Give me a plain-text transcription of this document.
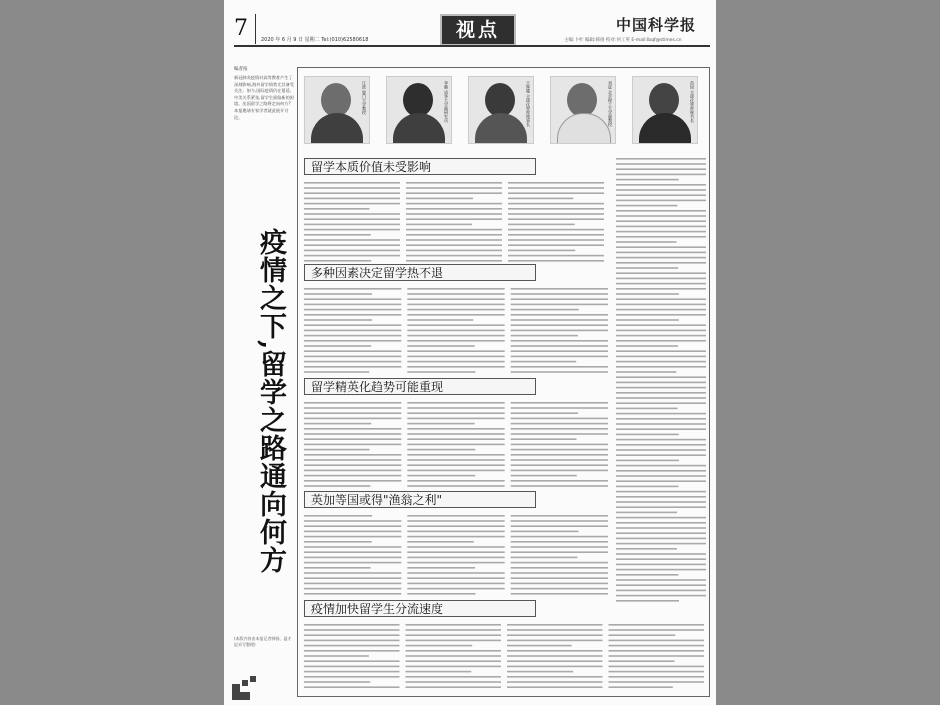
7	2020 年 6 月 9 日 星期二 Tel:(010)62580618	视点	中国科学报
主编:卜叶 编辑:韩扬 校对:何工英 E-mail:lbqf@stimes.cn
编者按
新冠肺炎疫情对高等教育产生了深刻影响,海外留学情势尤其备受关注。如今,国际疫情仍在蔓延,中美关系紧张,留学生面临新的困境。出国留学之路将走向何方?本报邀请专家学者就此展开讨论。
疫情之下,留学之路通向何方
(本版内容由本报记者韩扬、温才妃采写整理)
江波 厦门大学教授	李璐 清华大学副研究员	王辉耀 全球化智库理事长	刘进 北京理工大学副教授	苗绿 全球化智库秘书长
留学本质价值未受影响
多种因素决定留学热不退
留学精英化趋势可能重现
英加等国或得"渔翁之利"
疫情加快留学生分流速度
